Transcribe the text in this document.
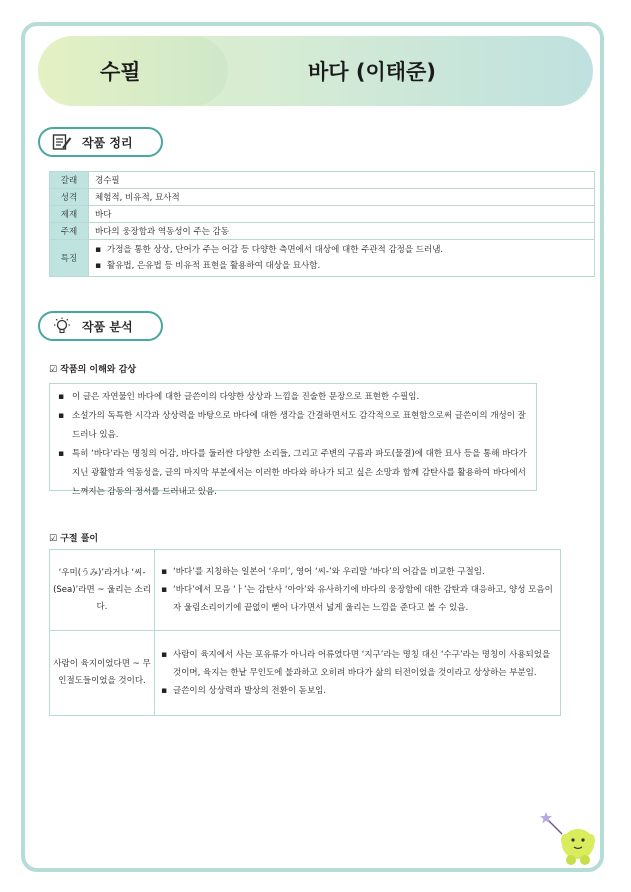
수필	바다 (이태준)
작품 정리
갈래	경수필
성격	체험적, 비유적, 묘사적
제재	바다
주제	바다의 웅장함과 역동성이 주는 감동
특징	▪ 가정을 통한 상상, 단어가 주는 어감 등 다양한 측면에서 대상에 대한 주관적 감정을 드러냄.
▪ 활유법, 은유법 등 비유적 표현을 활용하여 대상을 묘사함.
작품 분석
☑ 작품의 이해와 감상
▪ 이 글은 자연물인 바다에 대한 글쓴이의 다양한 상상과 느낌을 진술한 문장으로 표현한 수필임.
▪ 소설가의 독특한 시각과 상상력을 바탕으로 바다에 대한 생각을 간결하면서도 감각적으로 표현함으로써 글쓴이의 개성이 잘 드러나 있음.
▪ 특히 ‘바다’라는 명칭의 어감, 바다를 둘러싼 다양한 소리들, 그리고 주변의 구름과 파도(물결)에 대한 묘사 등을 통해 바다가 지닌 광활함과 역동성을, 글의 마지막 부분에서는 이러한 바다와 하나가 되고 싶은 소망과 함께 감탄사를 활용하여 바다에서 느껴지는 감동의 정서를 드러내고 있음.
☑ 구절 풀이
‘우미(うみ)’라거나 ‘씨-(Sea)’라면 ~ 울리는 소리다.	▪ ‘바다’를 지칭하는 일본어 ‘우미’, 영어 ‘씨-’와 우리말 ‘바다’의 어감을 비교한 구절임.
▪ ‘바다’에서 모음 ‘ㅏ’는 감탄사 ‘아아’와 유사하기에 바다의 웅장함에 대한 감탄과 대응하고, 양성 모음이자 울림소리이기에 끝없이 뻗어 나가면서 넓게 울리는 느낌을 준다고 볼 수 있음.

사람이 육지이었다면 ~ 무인절도들이었을 것이다.	▪ 사람이 육지에서 사는 포유류가 아니라 어류였다면 ‘지구’라는 명칭 대신 ‘수구’라는 명칭이 사용되었을 것이며, 육지는 한낱 무인도에 불과하고 오히려 바다가 삶의 터전이었을 것이라고 상상하는 부분임.
▪ 글쓴이의 상상력과 발상의 전환이 돋보임.
